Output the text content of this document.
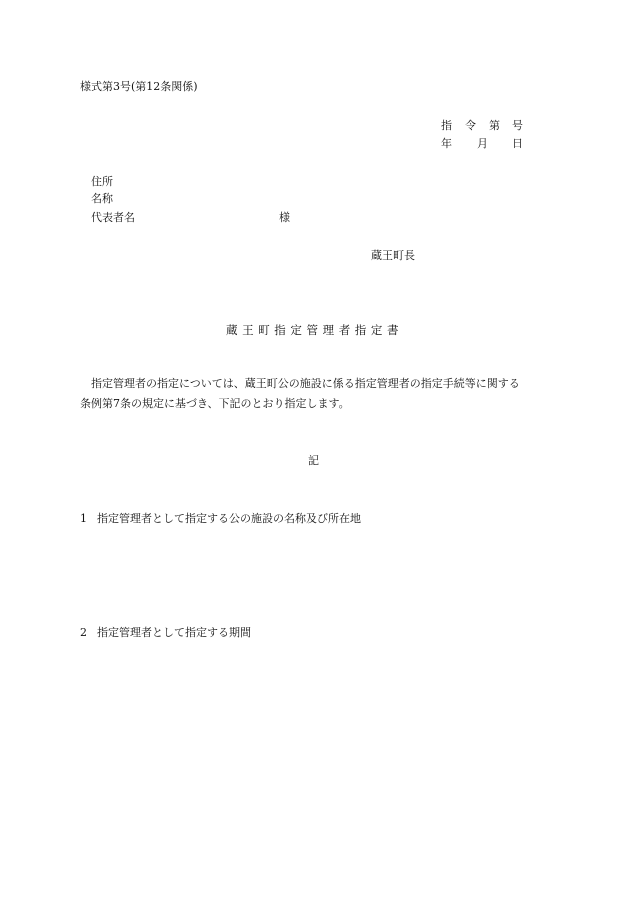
様式第3号(第12条関係)

指 令 第 号
年 月 日

住所

名称

代表者名	様

蔵王町長

蔵王町指定管理者指定書

指定管理者の指定については、蔵王町公の施設に係る指定管理者の指定手続等に関する

条例第7条の規定に基づき、下記のとおり指定します。

記

1 指定管理者として指定する公の施設の名称及び所在地

2 指定管理者として指定する期間
